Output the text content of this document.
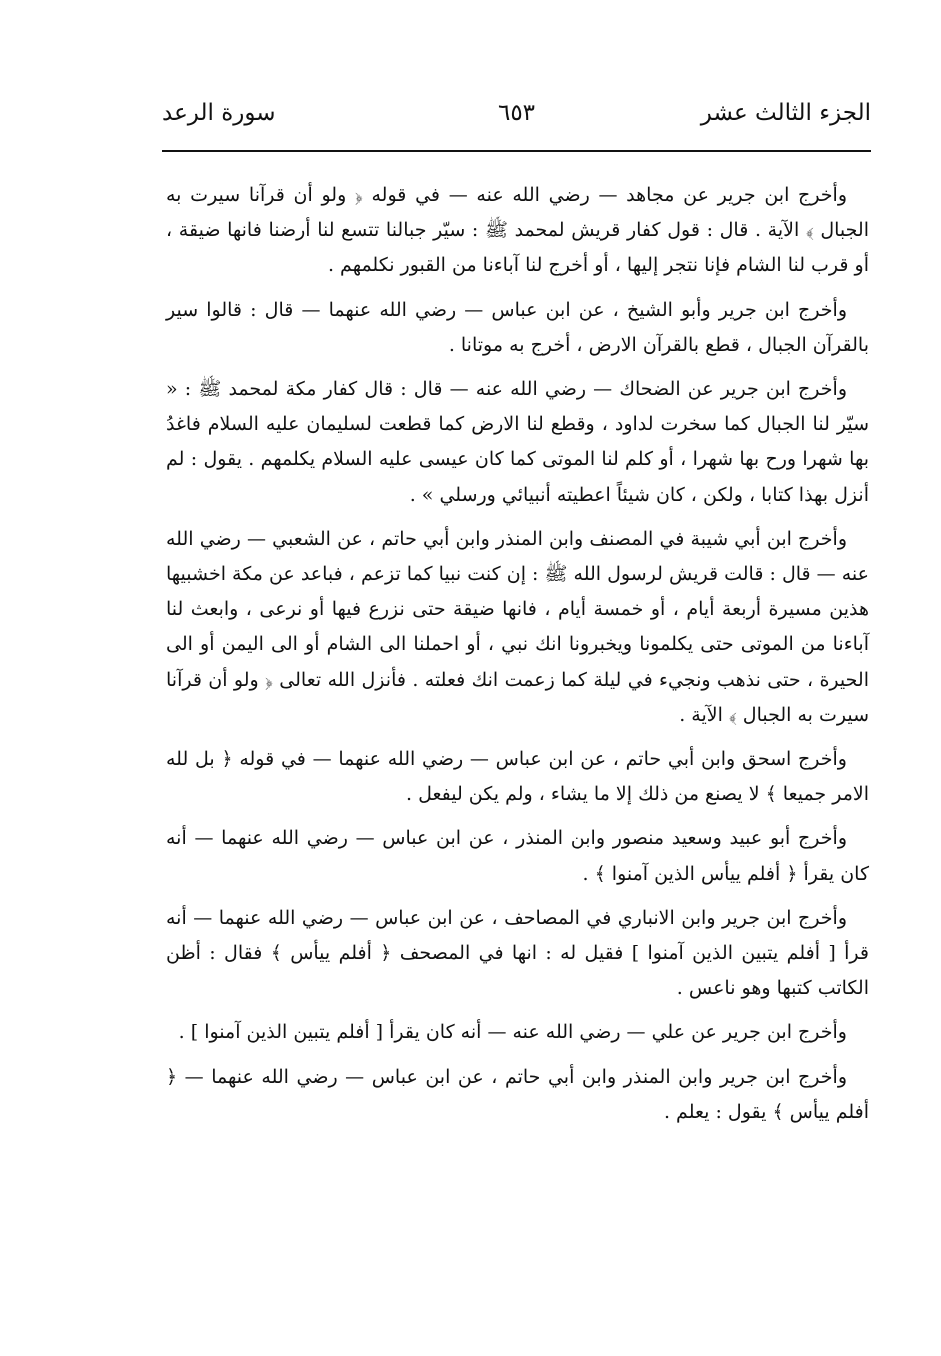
الجزء الثالث عشر
٦٥٣
سورة الرعد

وأخرج ابن جرير عن مجاهد — رضي الله عنه — في قوله ﴿ ولو أن قرآنا سيرت به الجبال ﴾ الآية . قال : قول كفار قريش لمحمد ﷺ : سيّر جبالنا تتسع لنا أرضنا فانها ضيقة ، أو قرب لنا الشام فإنا نتجر إليها ، أو أخرج لنا آباءنا من القبور نكلمهم .

وأخرج ابن جرير وأبو الشيخ ، عن ابن عباس — رضي الله عنهما — قال : قالوا سير بالقرآن الجبال ، قطع بالقرآن الارض ، أخرج به موتانا .

وأخرج ابن جرير عن الضحاك — رضي الله عنه — قال : قال كفار مكة لمحمد ﷺ : « سيّر لنا الجبال كما سخرت لداود ، وقطع لنا الارض كما قطعت لسليمان عليه السلام فاغدُ بها شهرا ورح بها شهرا ، أو كلم لنا الموتى كما كان عيسى عليه السلام يكلمهم . يقول : لم أنزل بهذا كتابا ، ولكن ، كان شيئاً اعطيته أنبيائي ورسلي » .

وأخرج ابن أبي شيبة في المصنف وابن المنذر وابن أبي حاتم ، عن الشعبي — رضي الله عنه — قال : قالت قريش لرسول الله ﷺ : إن كنت نبيا كما تزعم ، فباعد عن مكة اخشبيها هذين مسيرة أربعة أيام ، أو خمسة أيام ، فانها ضيقة حتى نزرع فيها أو نرعى ، وابعث لنا آباءنا من الموتى حتى يكلمونا ويخبرونا انك نبي ، أو احملنا الى الشام أو الى اليمن أو الى الحيرة ، حتى نذهب ونجيء في ليلة كما زعمت انك فعلته . فأنزل الله تعالى ﴿ ولو أن قرآنا سيرت به الجبال ﴾ الآية .

وأخرج اسحق وابن أبي حاتم ، عن ابن عباس — رضي الله عنهما — في قوله ﴿ بل لله الامر جميعا ﴾ لا يصنع من ذلك إلا ما يشاء ، ولم يكن ليفعل .

وأخرج أبو عبيد وسعيد منصور وابن المنذر ، عن ابن عباس — رضي الله عنهما — أنه كان يقرأ ﴿ أفلم ييأس الذين آمنوا ﴾ .

وأخرج ابن جرير وابن الانباري في المصاحف ، عن ابن عباس — رضي الله عنهما — أنه قرأ [ أفلم يتبين الذين آمنوا ] فقيل له : انها في المصحف ﴿ أفلم ييأس ﴾ فقال : أظن الكاتب كتبها وهو ناعس .

وأخرج ابن جرير عن علي — رضي الله عنه — أنه كان يقرأ [ أفلم يتبين الذين آمنوا ] .

وأخرج ابن جرير وابن المنذر وابن أبي حاتم ، عن ابن عباس — رضي الله عنهما — ﴿ أفلم ييأس ﴾ يقول : يعلم .
